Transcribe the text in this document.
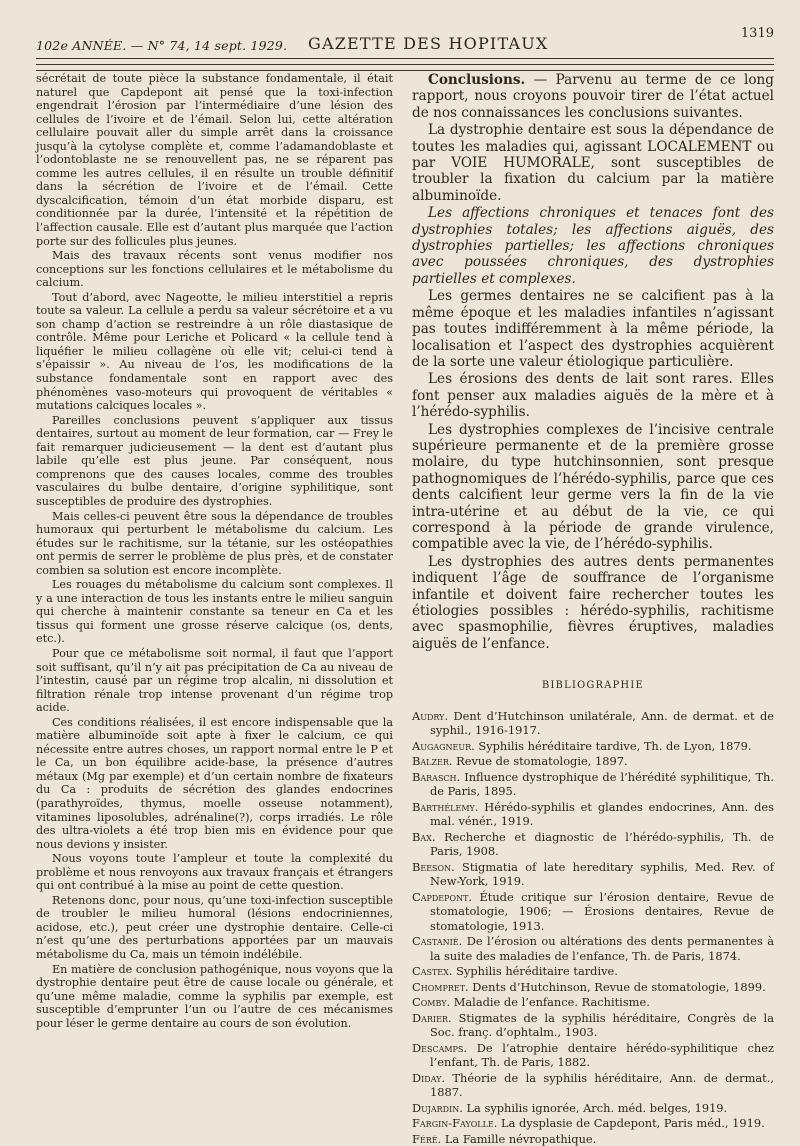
102e ANNÉE. — N° 74, 14 sept. 1929. GAZETTE DES HOPITAUX
1319

sécrétait de toute pièce la substance fondamentale, il était naturel que Capdepont ait pensé que la toxi-infection engendrait l’érosion par l’intermédiaire d’une lésion des cellules de l’ivoire et de l’émail. Selon lui, cette altération cellulaire pouvait aller du simple arrêt dans la croissance jusqu’à la cytolyse complète et, comme l’adamandoblaste et l’odontoblaste ne se renouvellent pas, ne se réparent pas comme les autres cellules, il en résulte un trouble définitif dans la sécrétion de l’ivoire et de l’émail. Cette dyscalcification, témoin d’un état morbide disparu, est conditionnée par la durée, l’intensité et la répétition de l’affection causale. Elle est d’autant plus marquée que l’action porte sur des follicules plus jeunes.

Mais des travaux récents sont venus modifier nos conceptions sur les fonctions cellulaires et le métabolisme du calcium.

Tout d’abord, avec Nageotte, le milieu interstitiel a repris toute sa valeur. La cellule a perdu sa valeur sécrétoire et a vu son champ d’action se restreindre à un rôle diastasique de contrôle. Même pour Leriche et Policard « la cellule tend à liquéfier le milieu collagène où elle vit; celui-ci tend à s’épaissir ». Au niveau de l’os, les modifications de la substance fondamentale sont en rapport avec des phénomènes vaso-moteurs qui provoquent de véritables « mutations calciques locales ».

Pareilles conclusions peuvent s’appliquer aux tissus dentaires, surtout au moment de leur formation, car — Frey le fait remarquer judicieusement — la dent est d’autant plus labile qu’elle est plus jeune. Par conséquent, nous comprenons que des causes locales, comme des troubles vasculaires du bulbe dentaire, d’origine syphilitique, sont susceptibles de produire des dystrophies.

Mais celles-ci peuvent être sous la dépendance de troubles humoraux qui perturbent le métabolisme du calcium. Les études sur le rachitisme, sur la tétanie, sur les ostéopathies ont permis de serrer le problème de plus près, et de constater combien sa solution est encore incomplète.

Les rouages du métabolisme du calcium sont complexes. Il y a une interaction de tous les instants entre le milieu sanguin qui cherche à maintenir constante sa teneur en Ca et les tissus qui forment une grosse réserve calcique (os, dents, etc.).

Pour que ce métabolisme soit normal, il faut que l’apport soit suffisant, qu’il n’y ait pas précipitation de Ca au niveau de l’intestin, causé par un régime trop alcalin, ni dissolution et filtration rénale trop intense provenant d’un régime trop acide.

Ces conditions réalisées, il est encore indispensable que la matière albuminoïde soit apte à fixer le calcium, ce qui nécessite entre autres choses, un rapport normal entre le P et le Ca, un bon équilibre acide-base, la présence d’autres métaux (Mg par exemple) et d’un certain nombre de fixateurs du Ca : produits de sécrétion des glandes endocrines (parathyroïdes, thymus, moelle osseuse notamment), vitamines liposolubles, adrénaline(?), corps irradiés. Le rôle des ultra-violets a été trop bien mis en évidence pour que nous devions y insister.

Nous voyons toute l’ampleur et toute la complexité du problème et nous renvoyons aux travaux français et étrangers qui ont contribué à la mise au point de cette question.

Retenons donc, pour nous, qu’une toxi-infection susceptible de troubler le milieu humoral (lésions endocriniennes, acidose, etc.), peut créer une dystrophie dentaire. Celle-ci n’est qu’une des perturbations apportées par un mauvais métabolisme du Ca, mais un témoin indélébile.

En matière de conclusion pathogénique, nous voyons que la dystrophie dentaire peut être de cause locale ou générale, et qu’une même maladie, comme la syphilis par exemple, est susceptible d’emprunter l’un ou l’autre de ces mécanismes pour léser le germe dentaire au cours de son évolution.

Conclusions. — Parvenu au terme de ce long rapport, nous croyons pouvoir tirer de l’état actuel de nos connaissances les conclusions suivantes.

La dystrophie dentaire est sous la dépendance de toutes les maladies qui, agissant LOCALEMENT ou par VOIE HUMORALE, sont susceptibles de troubler la fixation du calcium par la matière albuminoïde.

Les affections chroniques et tenaces font des dystrophies totales; les affections aiguës, des dystrophies partielles; les affections chroniques avec poussées chroniques, des dystrophies partielles et complexes.

Les germes dentaires ne se calcifient pas à la même époque et les maladies infantiles n’agissant pas toutes indifféremment à la même période, la localisation et l’aspect des dystrophies acquièrent de la sorte une valeur étiologique particulière.

Les érosions des dents de lait sont rares. Elles font penser aux maladies aiguës de la mère et à l’hérédo-syphilis.

Les dystrophies complexes de l’incisive centrale supérieure permanente et de la première grosse molaire, du type hutchinsonnien, sont presque pathognomiques de l’hérédo-syphilis, parce que ces dents calcifient leur germe vers la fin de la vie intra-utérine et au début de la vie, ce qui correspond à la période de grande virulence, compatible avec la vie, de l’hérédo-syphilis.

Les dystrophies des autres dents permanentes indiquent l’âge de souffrance de l’organisme infantile et doivent faire rechercher toutes les étiologies possibles : hérédo-syphilis, rachitisme avec spasmophilie, fièvres éruptives, maladies aiguës de l’enfance.

BIBLIOGRAPHIE

Audry. Dent d’Hutchinson unilatérale, Ann. de dermat. et de syphil., 1916-1917.

Augagneur. Syphilis héréditaire tardive, Th. de Lyon, 1879.

Balzer. Revue de stomatologie, 1897.

Barasch. Influence dystrophique de l’hérédité syphilitique, Th. de Paris, 1895.

Barthélemy. Hérédo-syphilis et glandes endocrines, Ann. des mal. vénér., 1919.

Bax. Recherche et diagnostic de l’hérédo-syphilis, Th. de Paris, 1908.

Beeson. Stigmatia of late hereditary syphilis, Med. Rev. of New-York, 1919.

Capdepont. Étude critique sur l’érosion dentaire, Revue de stomatologie, 1906; — Érosions dentaires, Revue de stomatologie, 1913.

Castanié. De l’érosion ou altérations des dents permanentes à la suite des maladies de l’enfance, Th. de Paris, 1874.

Castex. Syphilis héréditaire tardive.

Chompret. Dents d’Hutchinson, Revue de stomatologie, 1899.

Comby. Maladie de l’enfance. Rachitisme.

Darier. Stigmates de la syphilis héréditaire, Congrès de la Soc. franç. d’ophtalm., 1903.

Descamps. De l’atrophie dentaire hérédo-syphilitique chez l’enfant, Th. de Paris, 1882.

Diday. Théorie de la syphilis héréditaire, Ann. de dermat., 1887.

Dujardin. La syphilis ignorée, Arch. méd. belges, 1919.

Fargin-Fayolle. La dysplasie de Capdepont, Paris méd., 1919.

Féré. La Famille névropathique.
